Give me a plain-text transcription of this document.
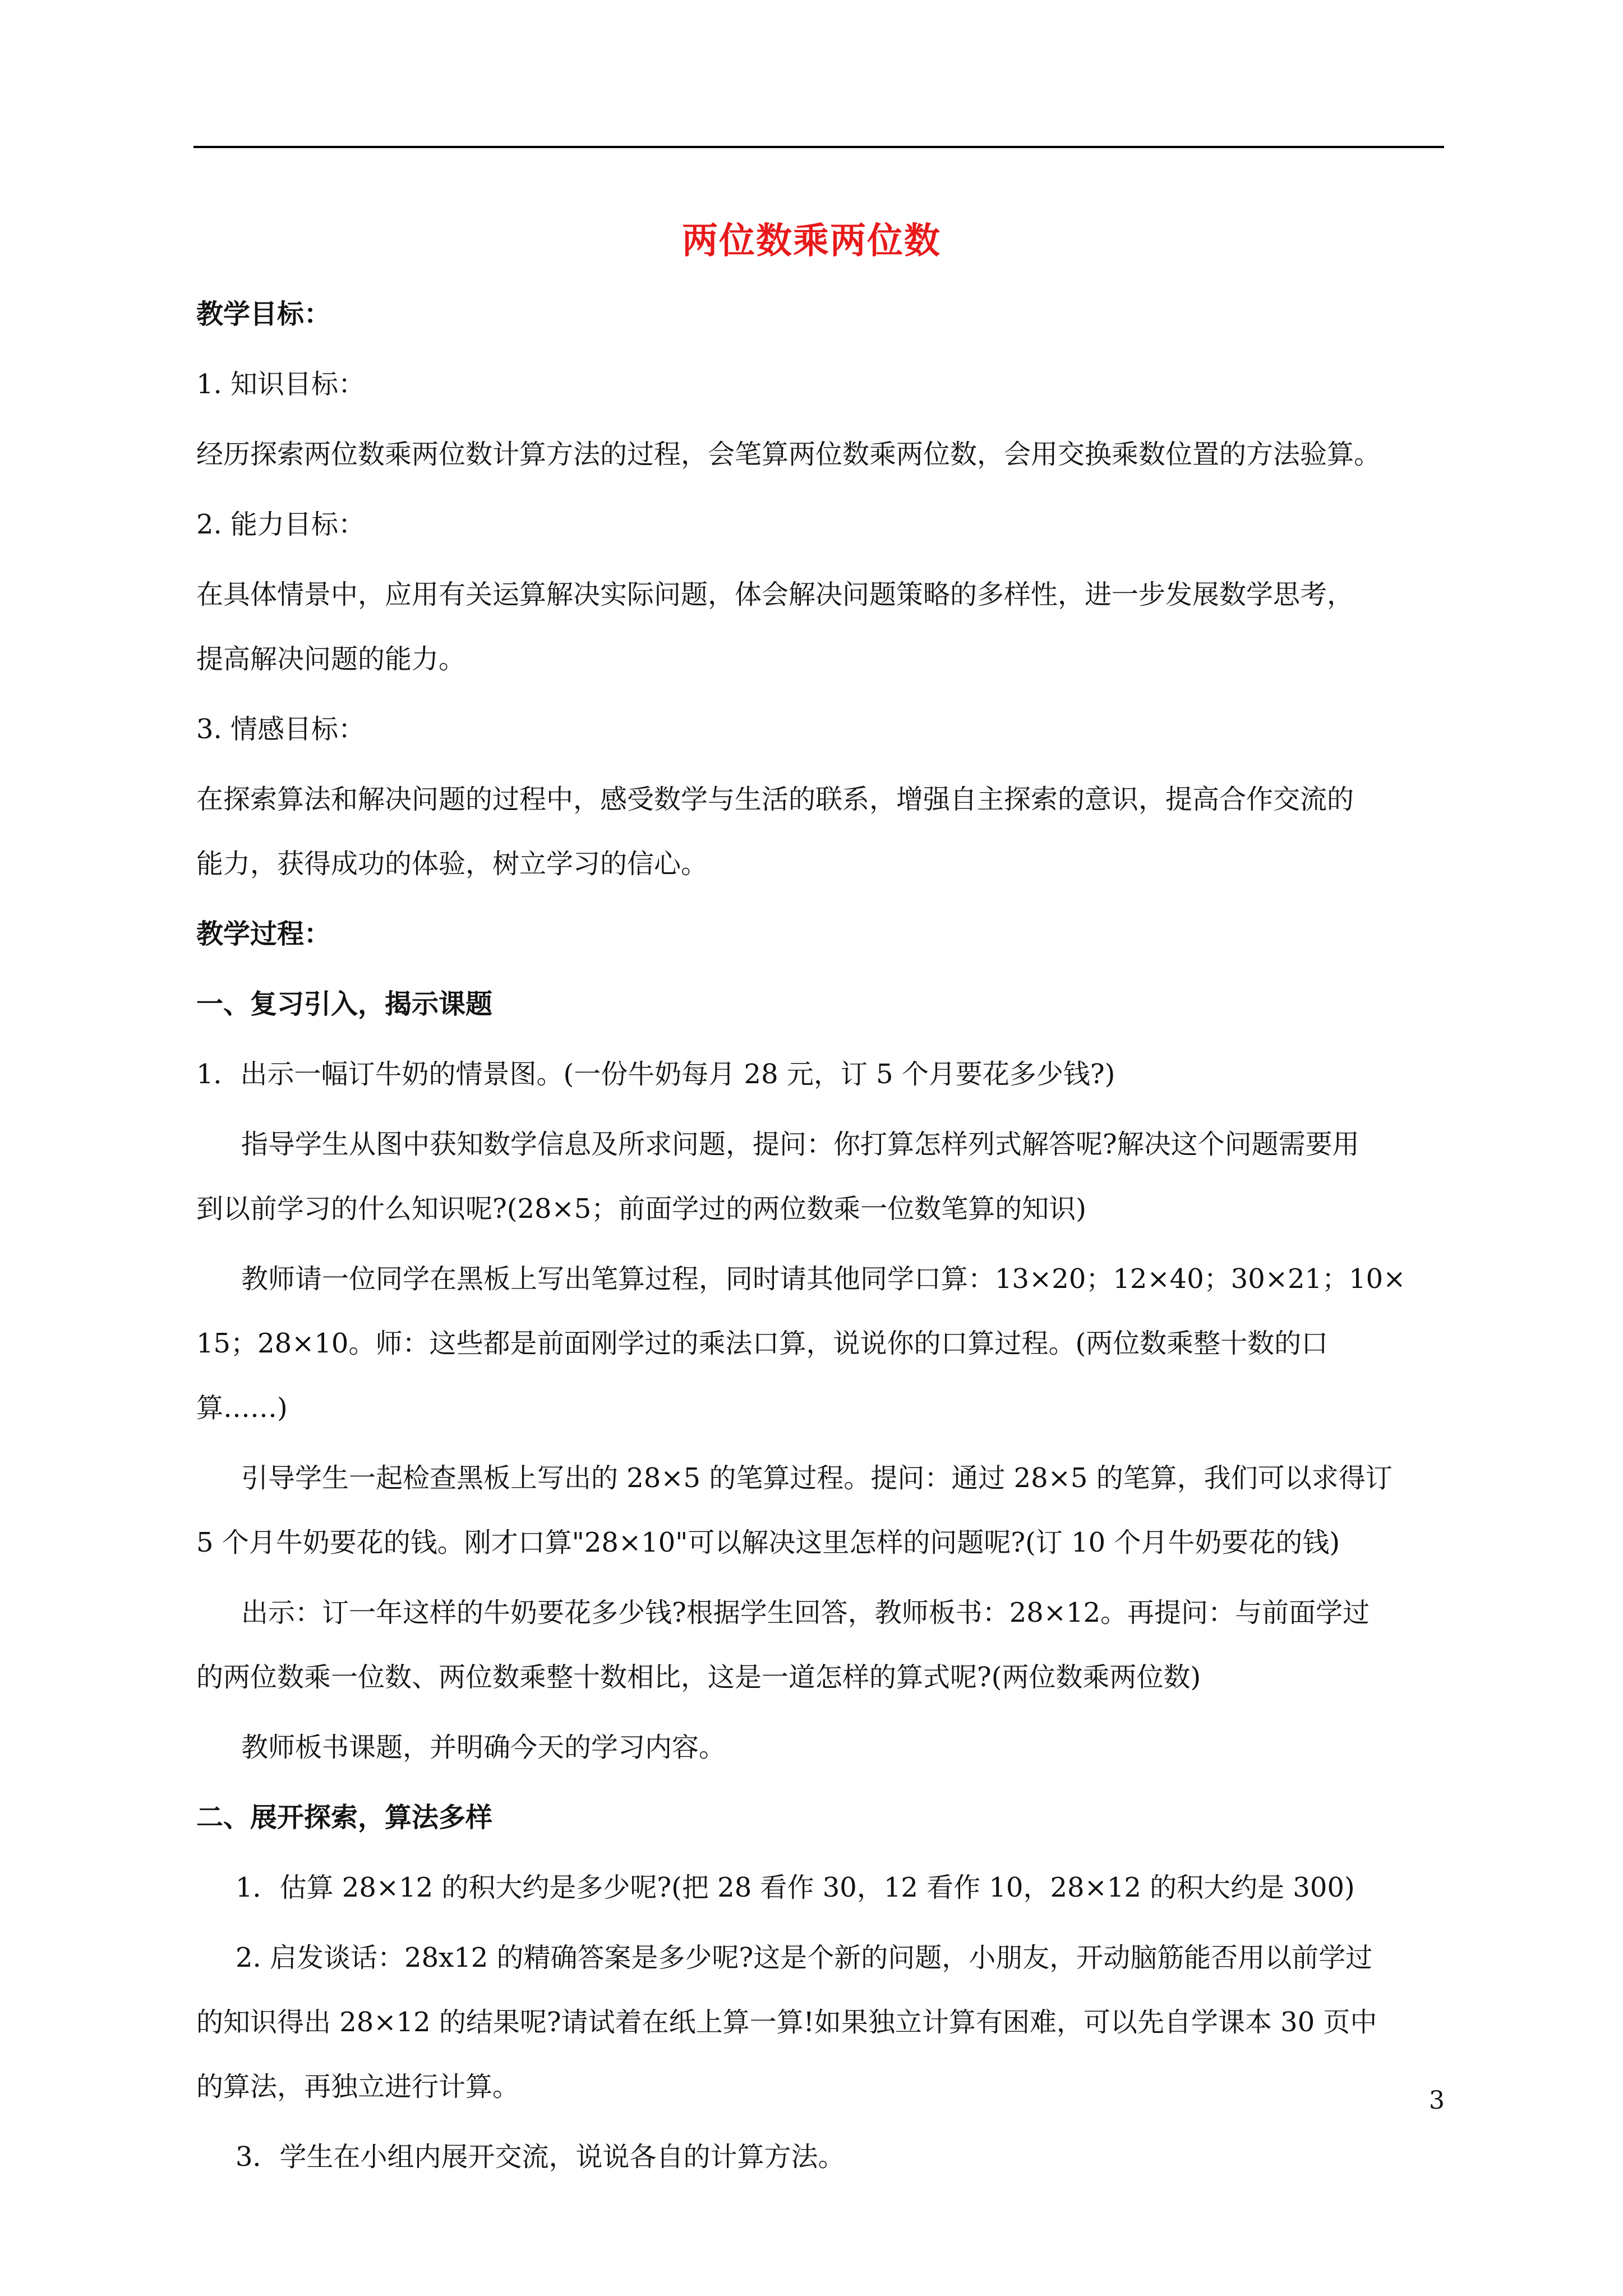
两位数乘两位数
教学目标：
1. 知识目标：
经历探索两位数乘两位数计算方法的过程，会笔算两位数乘两位数，会用交换乘数位置的方法验算。
2. 能力目标：
在具体情景中，应用有关运算解决实际问题，体会解决问题策略的多样性，进一步发展数学思考，
提高解决问题的能力。
3. 情感目标：
在探索算法和解决问题的过程中，感受数学与生活的联系，增强自主探索的意识，提高合作交流的
能力，获得成功的体验，树立学习的信心。
教学过程：
一、复习引入，揭示课题
1．出示一幅订牛奶的情景图。(一份牛奶每月 28 元，订 5 个月要花多少钱?)
指导学生从图中获知数学信息及所求问题，提问：你打算怎样列式解答呢?解决这个问题需要用
到以前学习的什么知识呢?(28×5；前面学过的两位数乘一位数笔算的知识)
教师请一位同学在黑板上写出笔算过程，同时请其他同学口算：13×20；12×40；30×21；10×
15；28×10。师：这些都是前面刚学过的乘法口算，说说你的口算过程。(两位数乘整十数的口
算……)
引导学生一起检查黑板上写出的 28×5 的笔算过程。提问：通过 28×5 的笔算，我们可以求得订
5 个月牛奶要花的钱。刚才口算"28×10"可以解决这里怎样的问题呢?(订 10 个月牛奶要花的钱)
出示：订一年这样的牛奶要花多少钱?根据学生回答，教师板书：28×12。再提问：与前面学过
的两位数乘一位数、两位数乘整十数相比，这是一道怎样的算式呢?(两位数乘两位数)
教师板书课题，并明确今天的学习内容。
二、展开探索，算法多样
1．估算 28×12 的积大约是多少呢?(把 28 看作 30，12 看作 10，28×12 的积大约是 300)
2. 启发谈话：28x12 的精确答案是多少呢?这是个新的问题，小朋友，开动脑筋能否用以前学过
的知识得出 28×12 的结果呢?请试着在纸上算一算!如果独立计算有困难，可以先自学课本 30 页中
的算法，再独立进行计算。
3．学生在小组内展开交流，说说各自的计算方法。
3
